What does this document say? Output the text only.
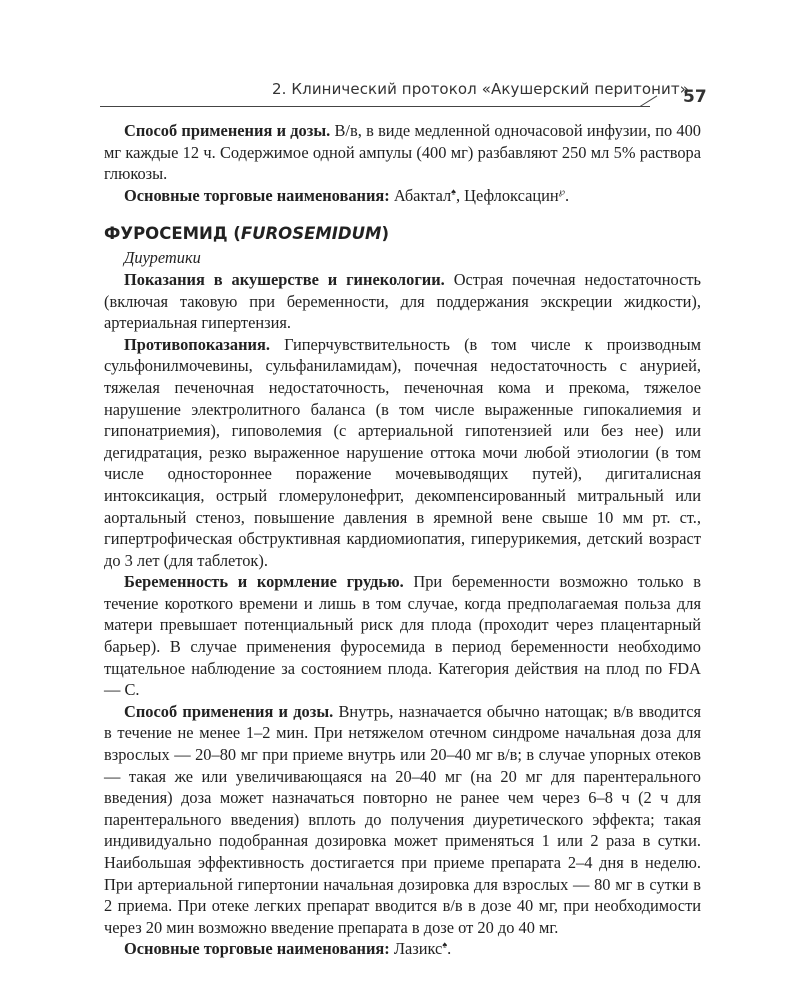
2. Клинический протокол «Акушерский перитонит»
57

Способ применения и дозы. В/в, в виде медленной одночасовой инфузии, по 400 мг каждые 12 ч. Содержимое одной ампулы (400 мг) разбавляют 250 мл 5% раствора глюкозы.

Основные торговые наименования: Абактал♠, Цефлоксацин℘.

ФУРОСЕМИД (FUROSEMIDUM)
Диуретики

Показания в акушерстве и гинекологии. Острая почечная недостаточность (включая таковую при беременности, для поддержания экскреции жидкости), артериальная гипертензия.

Противопоказания. Гиперчувствительность (в том числе к производным сульфонилмочевины, сульфаниламидам), почечная недостаточность с анурией, тяжелая печеночная недостаточность, печеночная кома и прекома, тяжелое нарушение электролитного баланса (в том числе выраженные гипокалиемия и гипонатриемия), гиповолемия (с артериальной гипотензией или без нее) или дегидратация, резко выраженное нарушение оттока мочи любой этиологии (в том числе одностороннее поражение мочевыводящих путей), дигиталисная интоксикация, острый гломерулонефрит, декомпенсированный митральный или аортальный стеноз, повышение давления в яремной вене свыше 10 мм рт. ст., гипертрофическая обструктивная кардиомиопатия, гиперурикемия, детский возраст до 3 лет (для таблеток).

Беременность и кормление грудью. При беременности возможно только в течение короткого времени и лишь в том случае, когда предполагаемая польза для матери превышает потенциальный риск для плода (проходит через плацентарный барьер). В случае применения фуросемида в период беременности необходимо тщательное наблюдение за состоянием плода. Категория действия на плод по FDA — C.

Способ применения и дозы. Внутрь, назначается обычно натощак; в/в вводится в течение не менее 1–2 мин. При нетяжелом отечном синдроме начальная доза для взрослых — 20–80 мг при приеме внутрь или 20–40 мг в/в; в случае упорных отеков — такая же или увеличивающаяся на 20–40 мг (на 20 мг для парентерального введения) доза может назначаться повторно не ранее чем через 6–8 ч (2 ч для парентерального введения) вплоть до получения диуретического эффекта; такая индивидуально подобранная дозировка может применяться 1 или 2 раза в сутки. Наибольшая эффективность достигается при приеме препарата 2–4 дня в неделю. При артериальной гипертонии начальная дозировка для взрослых — 80 мг в сутки в 2 приема. При отеке легких препарат вводится в/в в дозе 40 мг, при необходимости через 20 мин возможно введение препарата в дозе от 20 до 40 мг.

Основные торговые наименования: Лазикс♠.
